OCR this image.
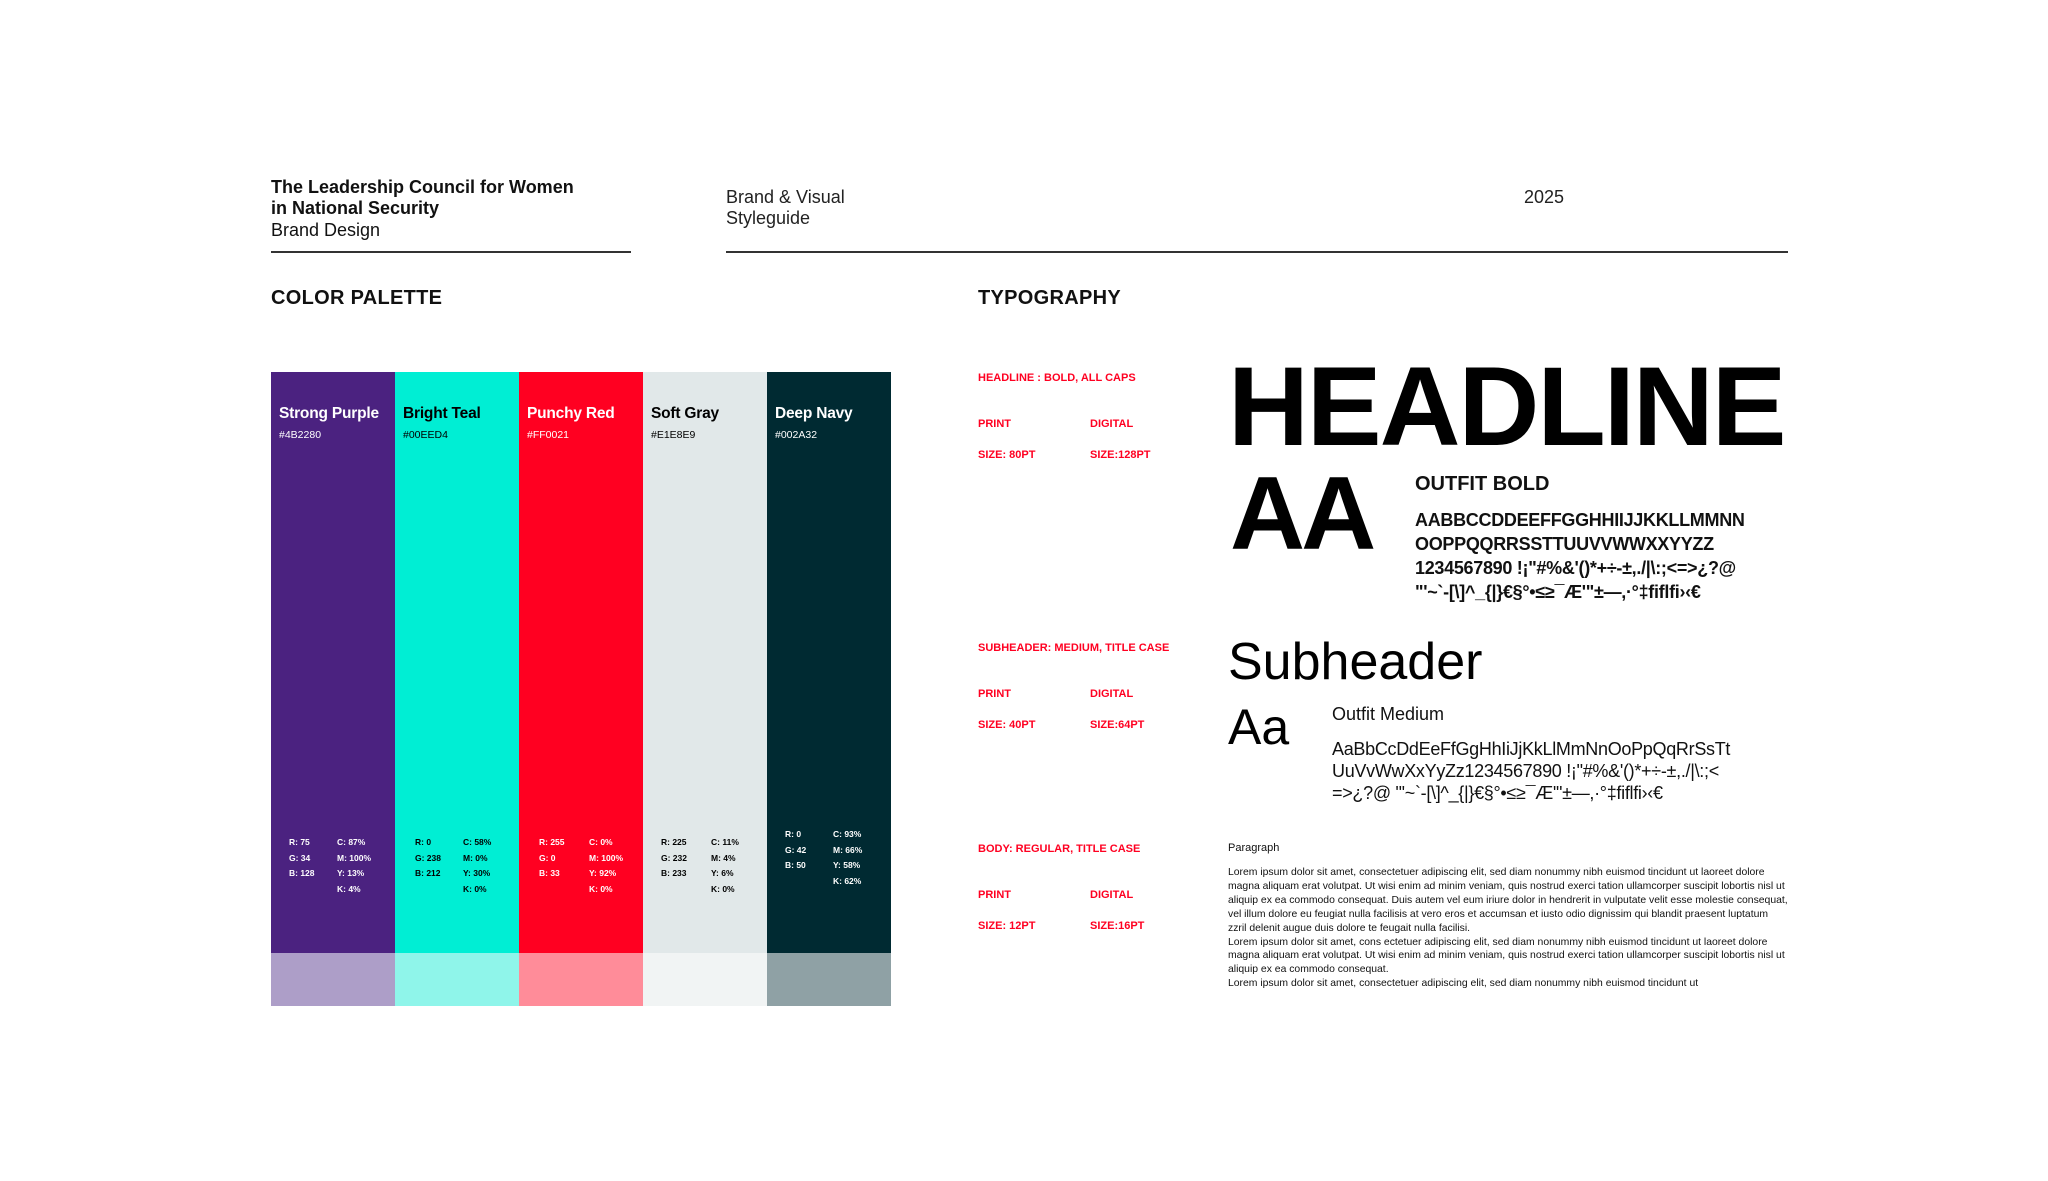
The Leadership Council for Women
in National Security
Brand Design
Brand & Visual
Styleguide
2025
COLOR PALETTE	TYPOGRAPHY
Strong Purple
#4B2280
R: 75
G: 34
B: 128
C: 87%
M: 100%
Y: 13%
K: 4%
Bright Teal
#00EED4
R: 0
G: 238
B: 212
C: 58%
M: 0%
Y: 30%
K: 0%
Punchy Red
#FF0021
R: 255
G: 0
B: 33
C: 0%
M: 100%
Y: 92%
K: 0%
Soft Gray
#E1E8E9
R: 225
G: 232
B: 233
C: 11%
M: 4%
Y: 6%
K: 0%
Deep Navy
#002A32
R: 0
G: 42
B: 50
C: 93%
M: 66%
Y: 58%
K: 62%
HEADLINE : BOLD, ALL CAPS
PRINT	DIGITAL
SIZE: 80PT	SIZE:128PT HEADLINE
AA OUTFIT BOLD
AABBCCDDEEFFGGHHIIJJKKLLMMNN
OOPPQQRRSSTTUUVVWWXXYYZZ
1234567890 !¡"#%&'()*+÷-±,./|\:;<=>¿?@
"'~`-[\]^_{|}€§°•≤≥¯Æ'"±—,·°‡fiflfi›‹€
SUBHEADER: MEDIUM, TITLE CASE
PRINT	DIGITAL
SIZE: 40PT	SIZE:64PT
Subheader
Aa Outfit Medium
AaBbCcDdEeFfGgHhIiJjKkLlMmNnOoPpQqRrSsTt
UuVvWwXxYyZz1234567890 !¡"#%&'()*+÷-±,./|\:;<
=>¿?@ "'~`-[\]^_{|}€§°•≤≥¯Æ'"±—,·°‡fiflfi›‹€
BODY: REGULAR, TITLE CASE
PRINT	DIGITAL
SIZE: 12PT	SIZE:16PT
Paragraph

Lorem ipsum dolor sit amet, consectetuer adipiscing elit, sed diam nonummy nibh euismod tincidunt ut laoreet dolore magna aliquam erat volutpat. Ut wisi enim ad minim veniam, quis nostrud exerci tation ullamcorper suscipit lobortis nisl ut aliquip ex ea commodo consequat. Duis autem vel eum iriure dolor in hendrerit in vulputate velit esse molestie consequat, vel illum dolore eu feugiat nulla facilisis at vero eros et accumsan et iusto odio dignissim qui blandit praesent luptatum zzril delenit augue duis dolore te feugait nulla facilisi.

Lorem ipsum dolor sit amet, cons ectetuer adipiscing elit, sed diam nonummy nibh euismod tincidunt ut laoreet dolore magna aliquam erat volutpat. Ut wisi enim ad minim veniam, quis nostrud exerci tation ullamcorper suscipit lobortis nisl ut aliquip ex ea commodo consequat.

Lorem ipsum dolor sit amet, consectetuer adipiscing elit, sed diam nonummy nibh euismod tincidunt ut
